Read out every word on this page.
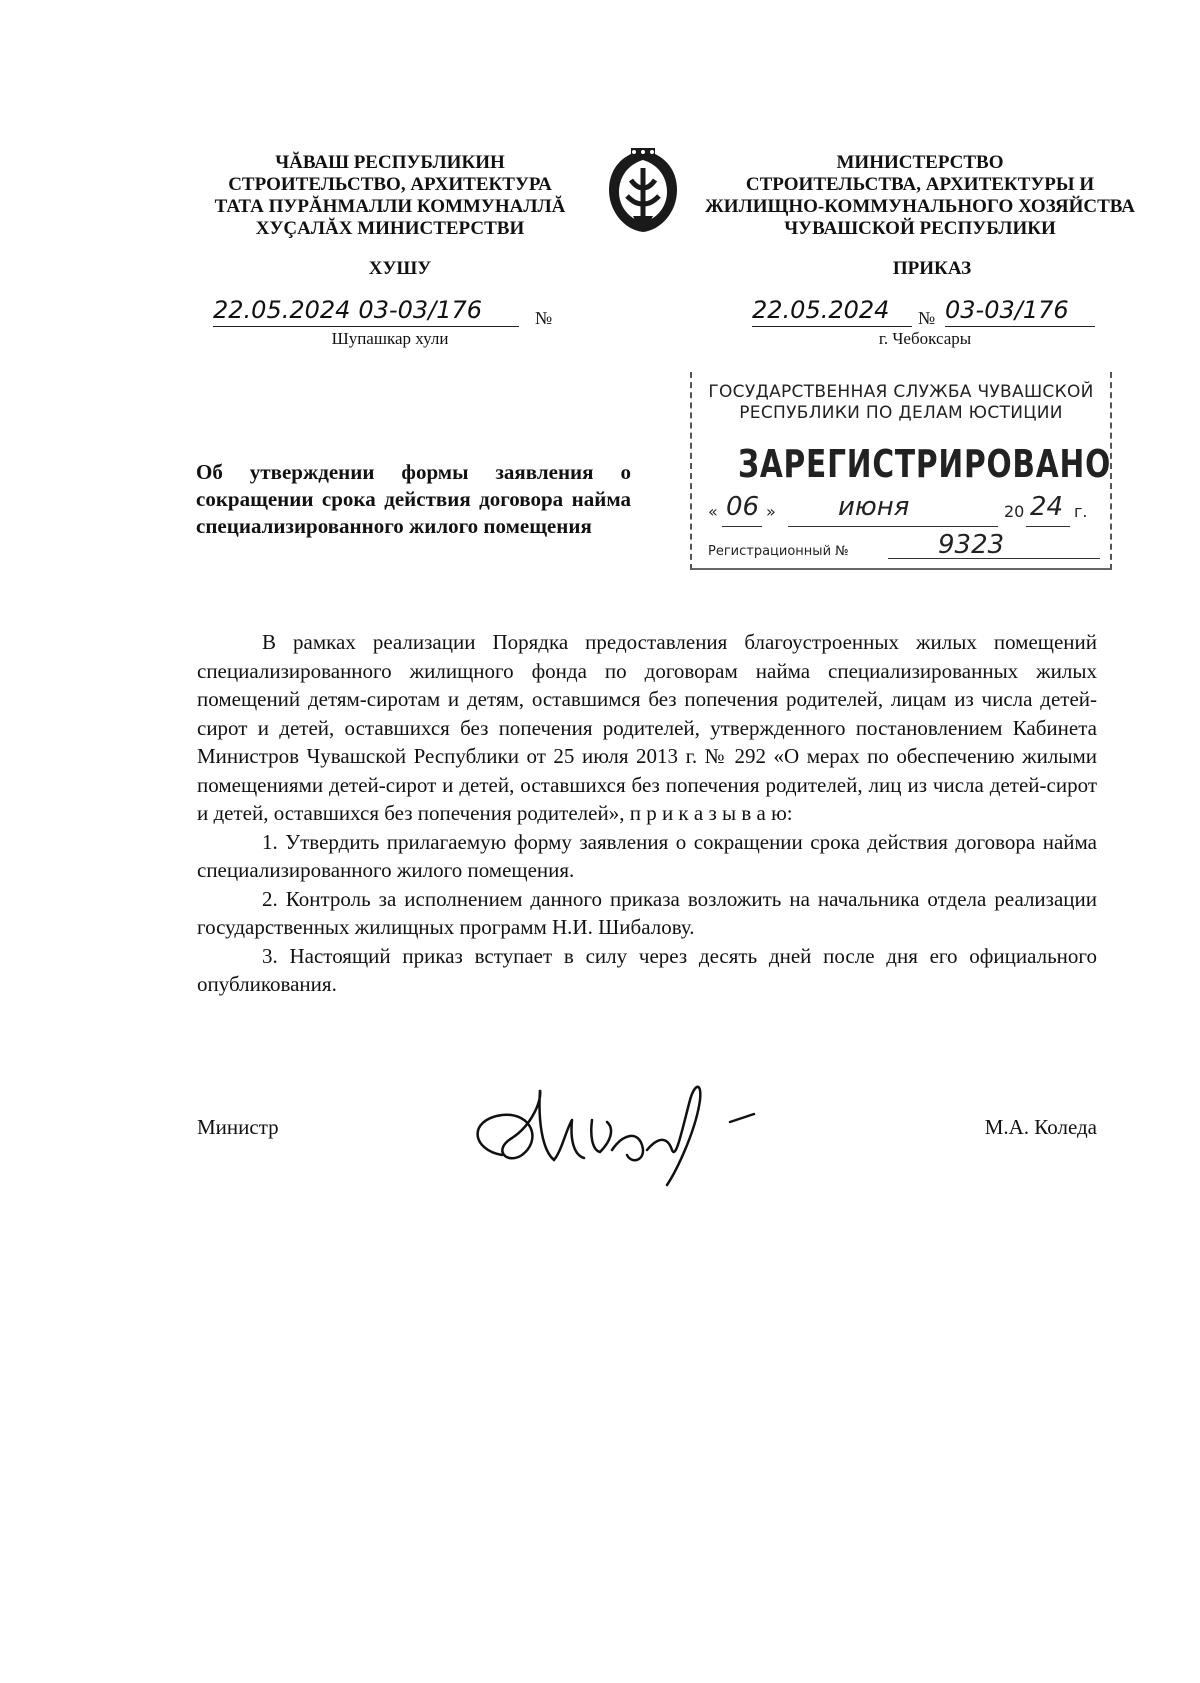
ЧĂВАШ РЕСПУБЛИКИН
СТРОИТЕЛЬСТВО, АРХИТЕКТУРА
ТАТА ПУРĂНМАЛЛИ КОММУНАЛЛĂ
ХУÇАЛĂХ МИНИСТЕРСТВИ
МИНИСТЕРСТВО
СТРОИТЕЛЬСТВА, АРХИТЕКТУРЫ И
ЖИЛИЩНО-КОММУНАЛЬНОГО ХОЗЯЙСТВА
ЧУВАШСКОЙ РЕСПУБЛИКИ
ХУШУ	ПРИКАЗ
22.05.2024 03-03/176	№
Шупашкар хули
22.05.2024 № 03-03/176
г. Чебоксары
ГОСУДАРСТВЕННАЯ СЛУЖБА ЧУВАШСКОЙ
РЕСПУБЛИКИ ПО ДЕЛАМ ЮСТИЦИИ
ЗАРЕГИСТРИРОВАНО
« 06 » июня	20 24 г.
Регистрационный №	9323
Об утверждении формы заявления о сокращении срока действия договора найма специализированного жилого помещения

В рамках реализации Порядка предоставления благоустроенных жилых помещений специализированного жилищного фонда по договорам найма специализированных жилых помещений детям-сиротам и детям, оставшимся без попечения родителей, лицам из числа детей-сирот и детей, оставшихся без попечения родителей, утвержденного постановлением Кабинета Министров Чувашской Республики от 25 июля 2013 г. № 292 «О мерах по обеспечению жилыми помещениями детей-сирот и детей, оставшихся без попечения родителей, лиц из числа детей-сирот и детей, оставшихся без попечения родителей», п р и к а з ы в а ю:

1. Утвердить прилагаемую форму заявления о сокращении срока действия договора найма специализированного жилого помещения.

2. Контроль за исполнением данного приказа возложить на начальника отдела реализации государственных жилищных программ Н.И. Шибалову.

3. Настоящий приказ вступает в силу через десять дней после дня его официального опубликования.

Министр	М.А. Коледа
